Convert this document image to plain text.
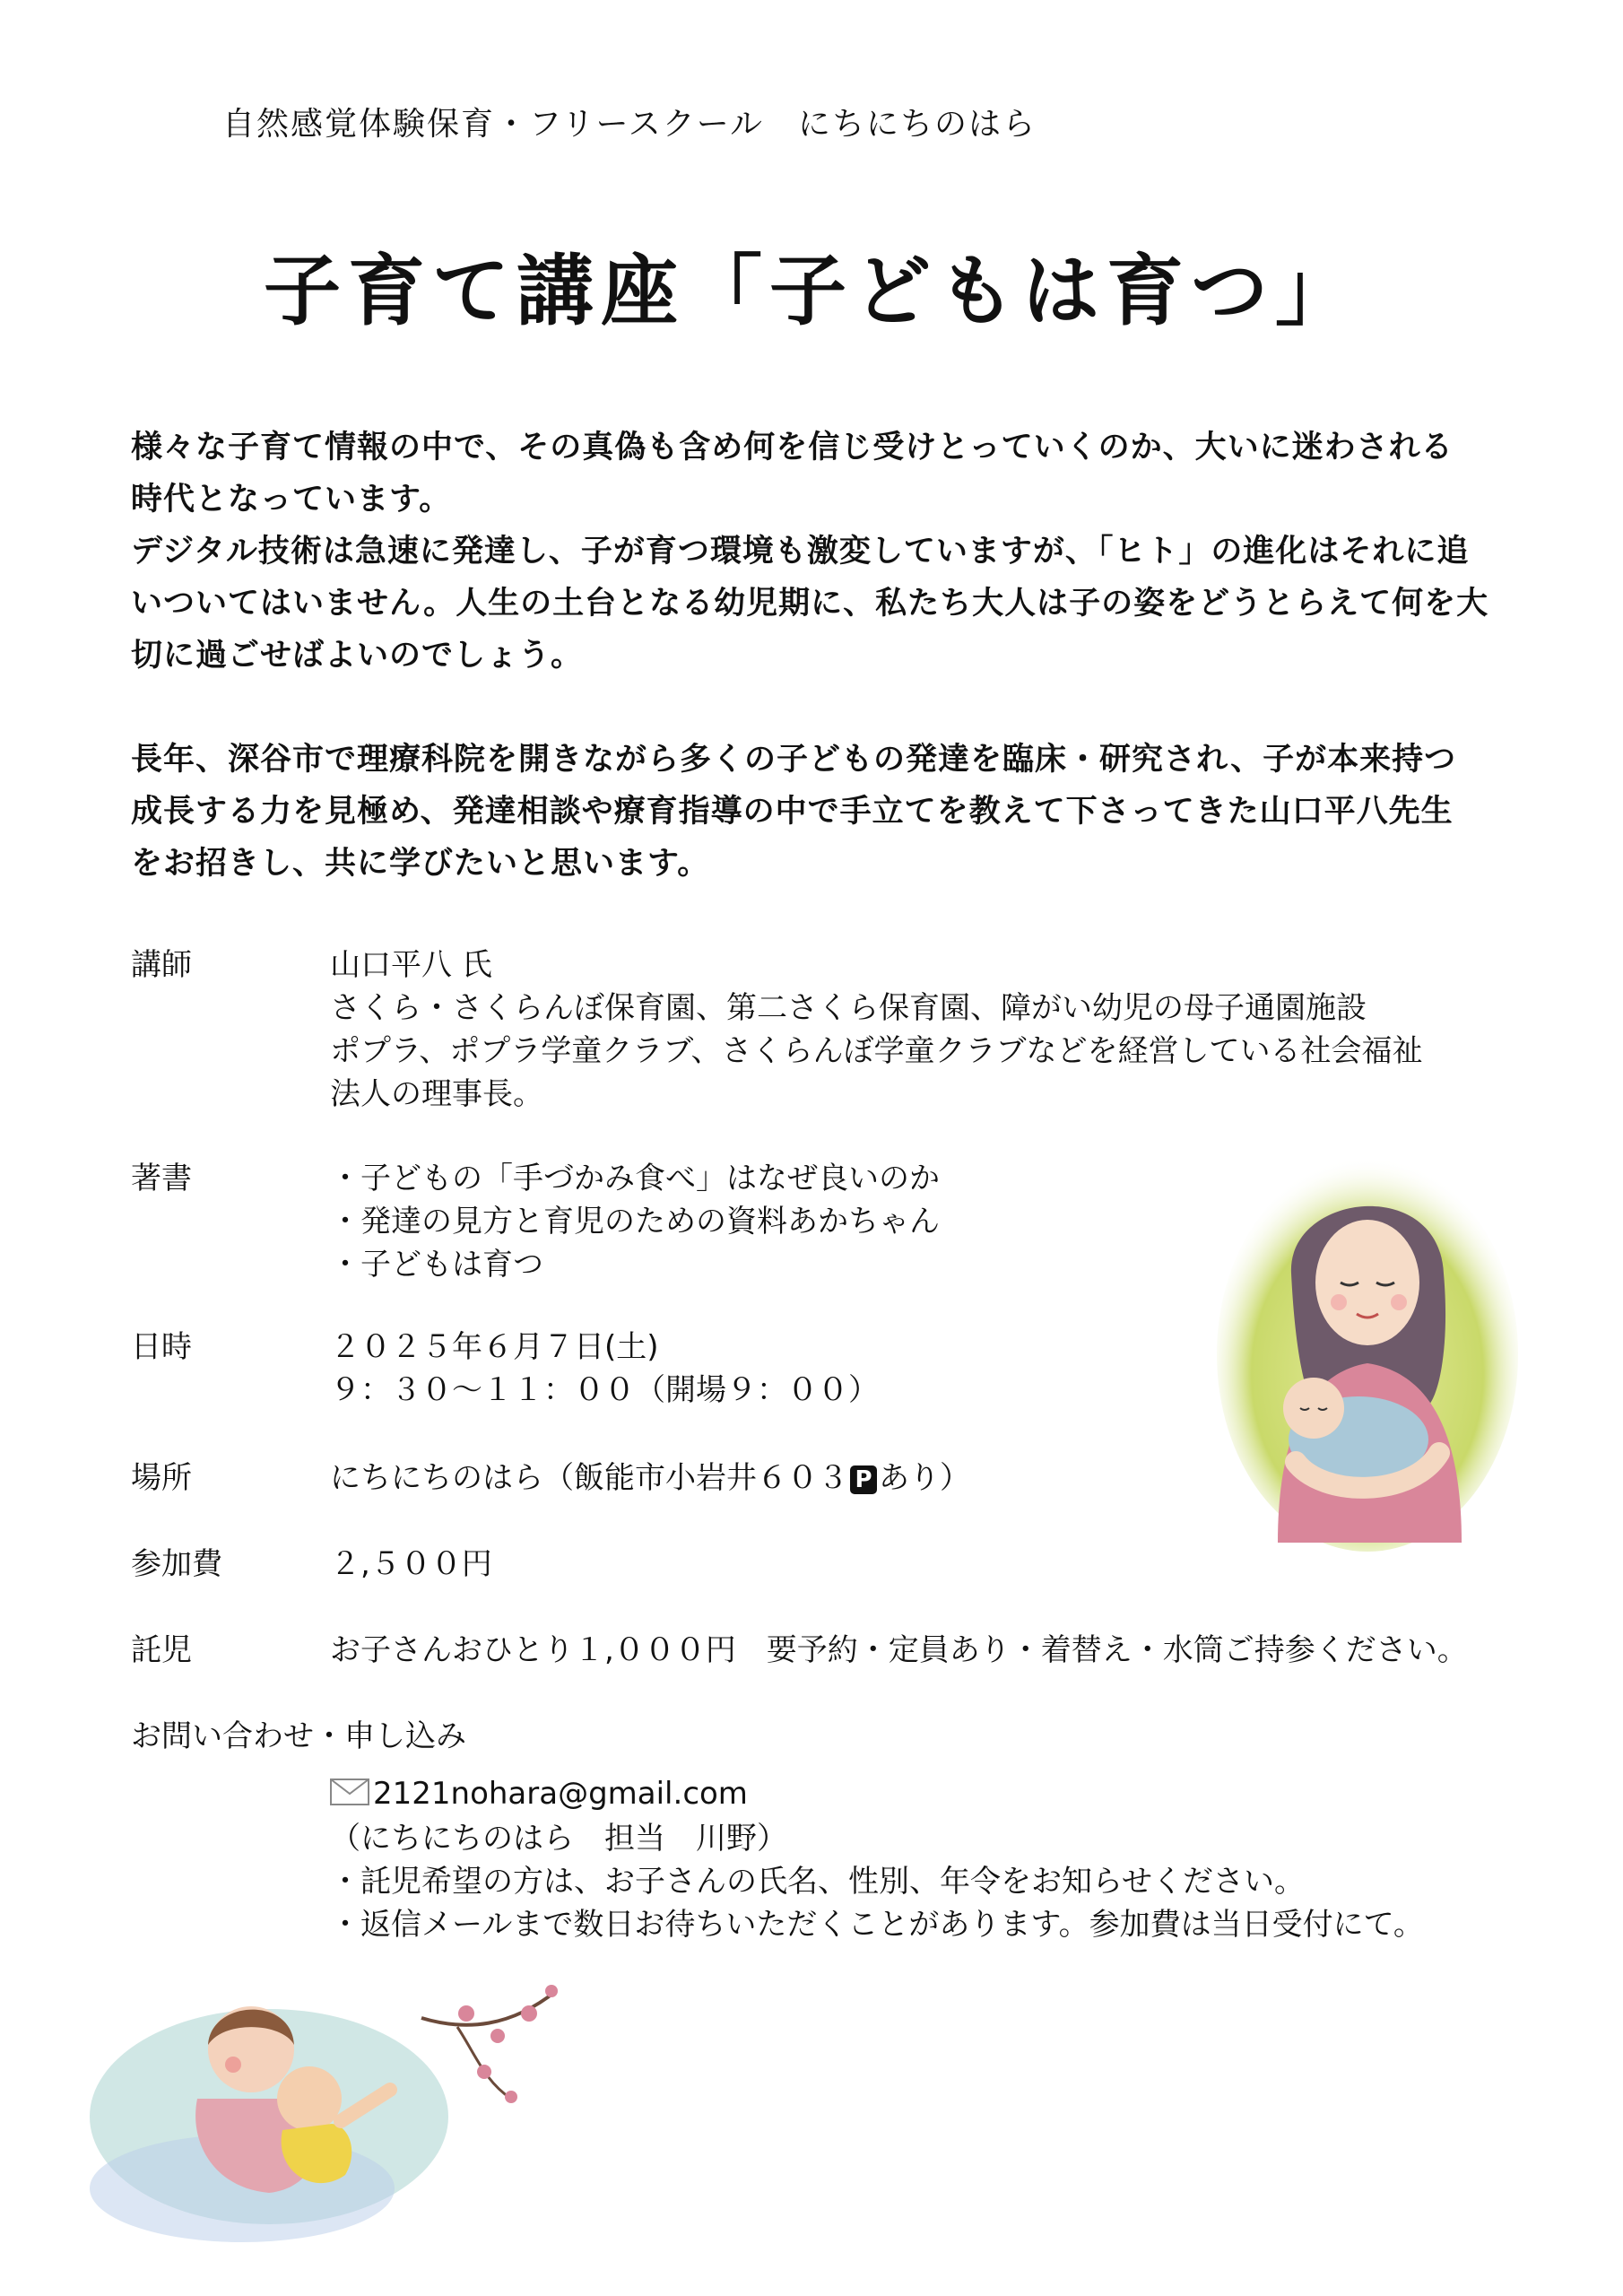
自然感覚体験保育・フリースクール　にちにちのはら
子育て講座「子どもは育つ」

様々な子育て情報の中で、その真偽も含め何を信じ受けとっていくのか、大いに迷わされる

時代となっています。

デジタル技術は急速に発達し、子が育つ環境も激変していますが、「ヒト」の進化はそれに追

いついてはいません。人生の土台となる幼児期に、私たち大人は子の姿をどうとらえて何を大

切に過ごせばよいのでしょう。

長年、深谷市で理療科院を開きながら多くの子どもの発達を臨床・研究され、子が本来持つ

成長する力を見極め、発達相談や療育指導の中で手立てを教えて下さってきた山口平八先生

をお招きし、共に学びたいと思います。

講師	山口平八 氏
さくら・さくらんぼ保育園、第二さくら保育園、障がい幼児の母子通園施設
ポプラ、ポプラ学童クラブ、さくらんぼ学童クラブなどを経営している社会福祉
法人の理事長。
著書	・子どもの「手づかみ食べ」はなぜ良いのか
・発達の見方と育児のための資料あかちゃん
・子どもは育つ
日時	２０２５年６月７日(土)
９：３０～１１：００（開場９：００）
場所	にちにちのはら（飯能市小岩井６０３ P あり）
参加費	２,５００円
託児	お子さんおひとり１,０００円　要予約・定員あり・着替え・水筒ご持参ください。
お問い合わせ・申し込み
2121nohara@gmail.com
（にちにちのはら　担当　川野）
・託児希望の方は、お子さんの氏名、性別、年令をお知らせください。
・返信メールまで数日お待ちいただくことがあります。参加費は当日受付にて。
